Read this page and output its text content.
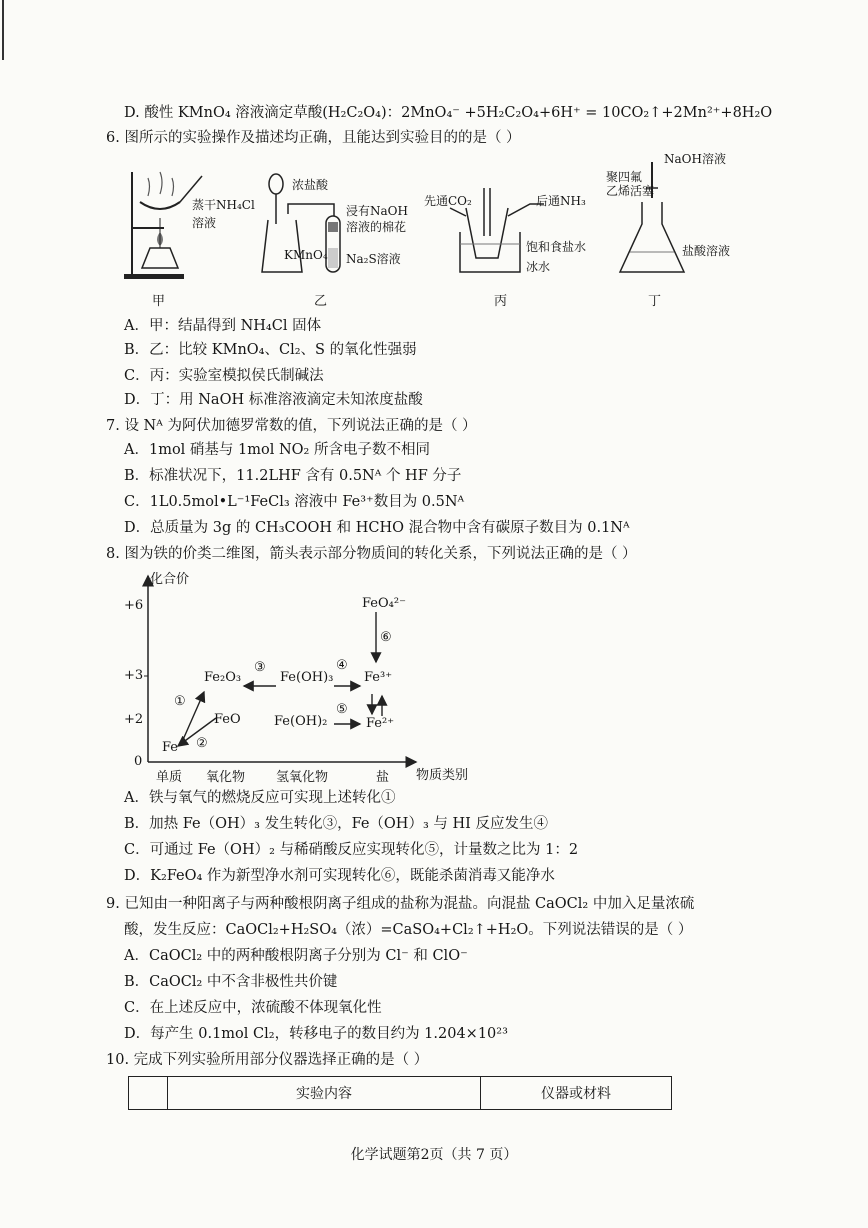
D. 酸性 KMnO₄ 溶液滴定草酸(H₂C₂O₄)：2MnO₄⁻ +5H₂C₂O₄+6H⁺ = 10CO₂↑+2Mn²⁺+8H₂O
6. 图所示的实验操作及描述均正确，且能达到实验目的的是（ ）
蒸干NH₄Cl
溶液
甲
浓盐酸
KMnO₄
浸有NaOH
溶液的棉花
Na₂S溶液
乙
先通CO₂	后通NH₃
饱和食盐水
冰水
丙
NaOH溶液
聚四氟
乙烯活塞
盐酸溶液
丁
A．甲：结晶得到 NH₄Cl 固体
B．乙：比较 KMnO₄、Cl₂、S 的氧化性强弱
C．丙：实验室模拟侯氏制碱法
D．丁：用 NaOH 标准溶液滴定未知浓度盐酸
7. 设 Nᴬ 为阿伏加德罗常数的值，下列说法正确的是（ ）
A．1mol 硝基与 1mol NO₂ 所含电子数不相同
B．标准状况下，11.2LHF 含有 0.5Nᴬ 个 HF 分子
C．1L0.5mol•L⁻¹FeCl₃ 溶液中 Fe³⁺数目为 0.5Nᴬ
D．总质量为 3g 的 CH₃COOH 和 HCHO 混合物中含有碳原子数目为 0.1Nᴬ
8. 图为铁的价类二维图，箭头表示部分物质间的转化关系，下列说法正确的是（ ）
化合价
物质类别
+6
+3
+2
0
单质 氧化物 氢氧化物	盐
FeO₄²⁻
Fe₂O₃	Fe(OH)₃ Fe³⁺
FeO	Fe(OH)₂	Fe²⁺
Fe
①
②
③	④
⑤
⑥
A．铁与氧气的燃烧反应可实现上述转化①
B．加热 Fe（OH）₃ 发生转化③，Fe（OH）₃ 与 HI 反应发生④
C．可通过 Fe（OH）₂ 与稀硝酸反应实现转化⑤，计量数之比为 1：2
D．K₂FeO₄ 作为新型净水剂可实现转化⑥，既能杀菌消毒又能净水
9. 已知由一种阳离子与两种酸根阴离子组成的盐称为混盐。向混盐 CaOCl₂ 中加入足量浓硫
酸，发生反应：CaOCl₂+H₂SO₄（浓）=CaSO₄+Cl₂↑+H₂O。下列说法错误的是（ ）
A．CaOCl₂ 中的两种酸根阴离子分别为 Cl⁻ 和 ClO⁻
B．CaOCl₂ 中不含非极性共价键
C．在上述反应中，浓硫酸不体现氧化性
D．每产生 0.1mol Cl₂，转移电子的数目约为 1.204×10²³
10. 完成下列实验所用部分仪器选择正确的是（ ）
	实验内容	仪器或材料
化学试题第2页（共 7 页）
